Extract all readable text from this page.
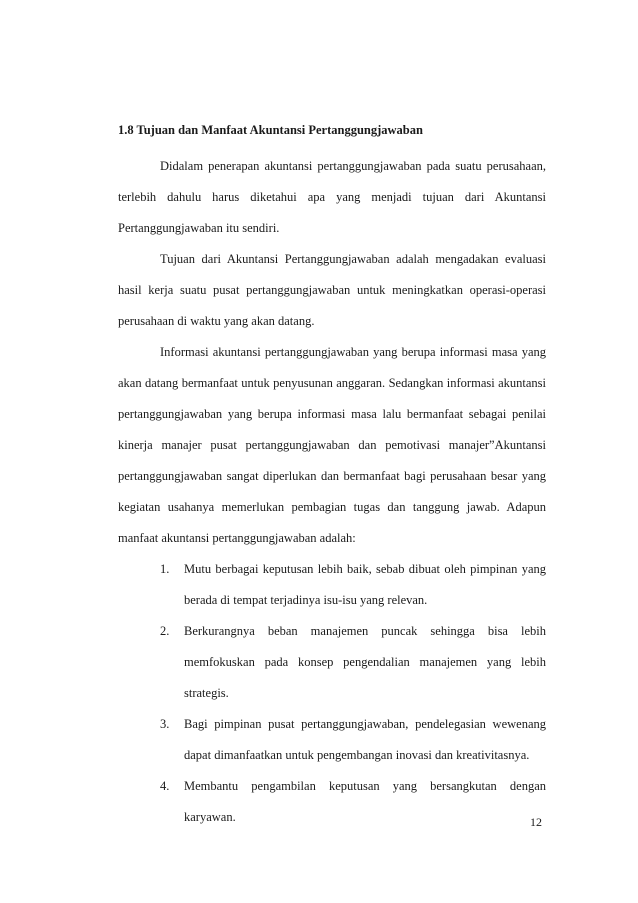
1.8 Tujuan dan Manfaat Akuntansi Pertanggungjawaban

Didalam penerapan akuntansi pertanggungjawaban pada suatu perusahaan, terlebih dahulu harus diketahui apa yang menjadi tujuan dari Akuntansi Pertanggungjawaban itu sendiri.

Tujuan dari Akuntansi Pertanggungjawaban adalah mengadakan evaluasi hasil kerja suatu pusat pertanggungjawaban untuk meningkatkan operasi-operasi perusahaan di waktu yang akan datang.

Informasi akuntansi pertanggungjawaban yang berupa informasi masa yang akan datang bermanfaat untuk penyusunan anggaran. Sedangkan informasi akuntansi pertanggungjawaban yang berupa informasi masa lalu bermanfaat sebagai penilai kinerja manajer pusat pertanggungjawaban dan pemotivasi manajer”Akuntansi pertanggungjawaban sangat diperlukan dan bermanfaat bagi perusahaan besar yang kegiatan usahanya memerlukan pembagian tugas dan tanggung jawab. Adapun manfaat akuntansi pertanggungjawaban adalah:

1. Mutu berbagai keputusan lebih baik, sebab dibuat oleh pimpinan yang berada di tempat terjadinya isu-isu yang relevan.
2. Berkurangnya beban manajemen puncak sehingga bisa lebih memfokuskan pada konsep pengendalian manajemen yang lebih strategis.
3. Bagi pimpinan pusat pertanggungjawaban, pendelegasian wewenang dapat dimanfaatkan untuk pengembangan inovasi dan kreativitasnya.
4. Membantu pengambilan keputusan yang bersangkutan dengan karyawan.	12
